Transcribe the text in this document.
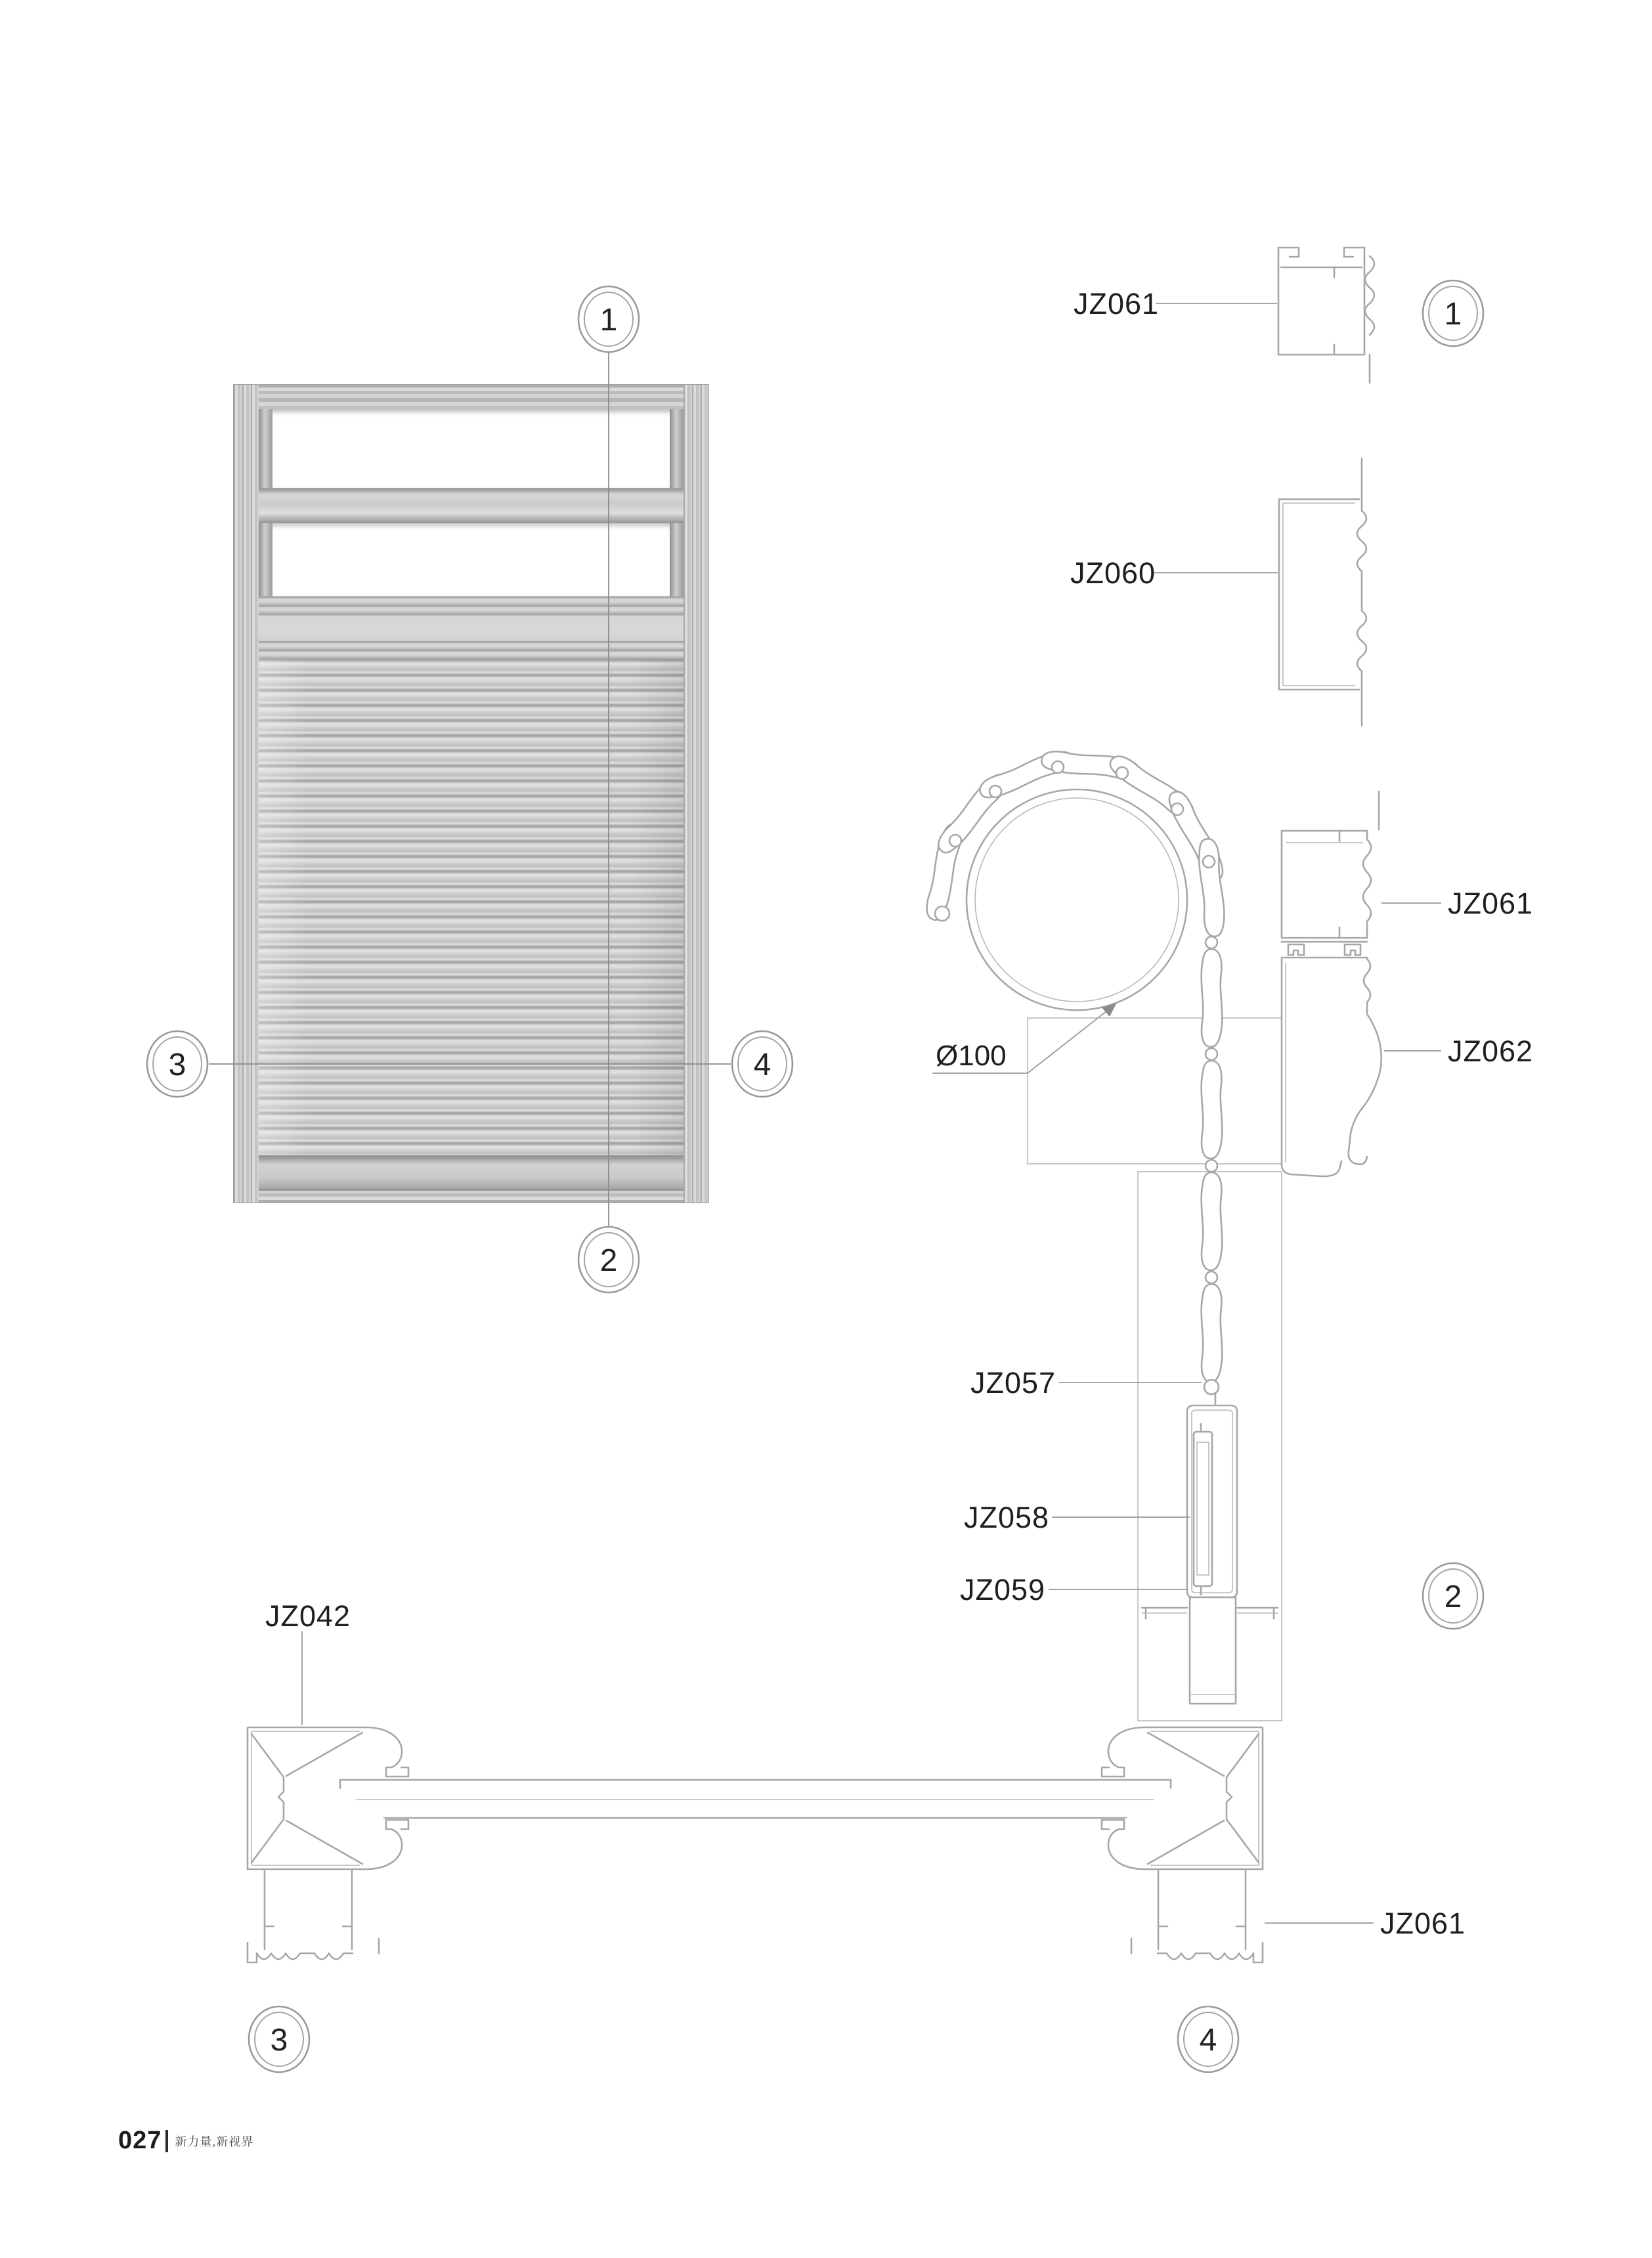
JZ061
JZ060
JZ061
JZ062
JZ057
JZ058
JZ059
Ø100
JZ042
JZ061
1
2
3	4
1
2
3	4
027 新力量,新视界
